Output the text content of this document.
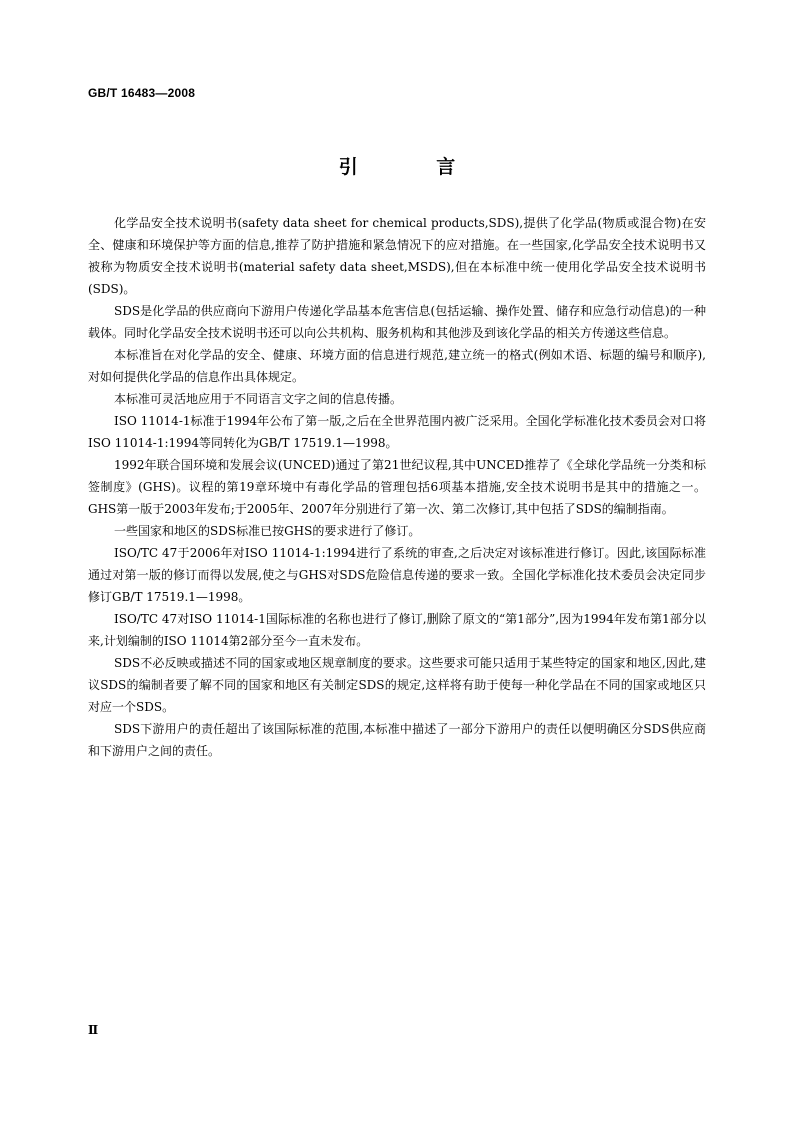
GB/T 16483—2008
引 言

化学品安全技术说明书(safety data sheet for chemical products,SDS),提供了化学品(物质或混合物)在安全、健康和环境保护等方面的信息,推荐了防护措施和紧急情况下的应对措施。在一些国家,化学品安全技术说明书又被称为物质安全技术说明书(material safety data sheet,MSDS),但在本标准中统一使用化学品安全技术说明书(SDS)。

SDS是化学品的供应商向下游用户传递化学品基本危害信息(包括运输、操作处置、储存和应急行动信息)的一种载体。同时化学品安全技术说明书还可以向公共机构、服务机构和其他涉及到该化学品的相关方传递这些信息。

本标准旨在对化学品的安全、健康、环境方面的信息进行规范,建立统一的格式(例如术语、标题的编号和顺序),对如何提供化学品的信息作出具体规定。

本标准可灵活地应用于不同语言文字之间的信息传播。

ISO 11014-1标准于1994年公布了第一版,之后在全世界范围内被广泛采用。全国化学标准化技术委员会对口将ISO 11014-1:1994等同转化为GB/T 17519.1—1998。

1992年联合国环境和发展会议(UNCED)通过了第21世纪议程,其中UNCED推荐了《全球化学品统一分类和标签制度》(GHS)。议程的第19章环境中有毒化学品的管理包括6项基本措施,安全技术说明书是其中的措施之一。GHS第一版于2003年发布;于2005年、2007年分别进行了第一次、第二次修订,其中包括了SDS的编制指南。

一些国家和地区的SDS标准已按GHS的要求进行了修订。

ISO/TC 47于2006年对ISO 11014-1:1994进行了系统的审查,之后决定对该标准进行修订。因此,该国际标准通过对第一版的修订而得以发展,使之与GHS对SDS危险信息传递的要求一致。全国化学标准化技术委员会决定同步修订GB/T 17519.1—1998。

ISO/TC 47对ISO 11014-1国际标准的名称也进行了修订,删除了原文的“第1部分”,因为1994年发布第1部分以来,计划编制的ISO 11014第2部分至今一直未发布。

SDS不必反映或描述不同的国家或地区规章制度的要求。这些要求可能只适用于某些特定的国家和地区,因此,建议SDS的编制者要了解不同的国家和地区有关制定SDS的规定,这样将有助于使每一种化学品在不同的国家或地区只对应一个SDS。

SDS下游用户的责任超出了该国际标准的范围,本标准中描述了一部分下游用户的责任以便明确区分SDS供应商和下游用户之间的责任。

Ⅱ
